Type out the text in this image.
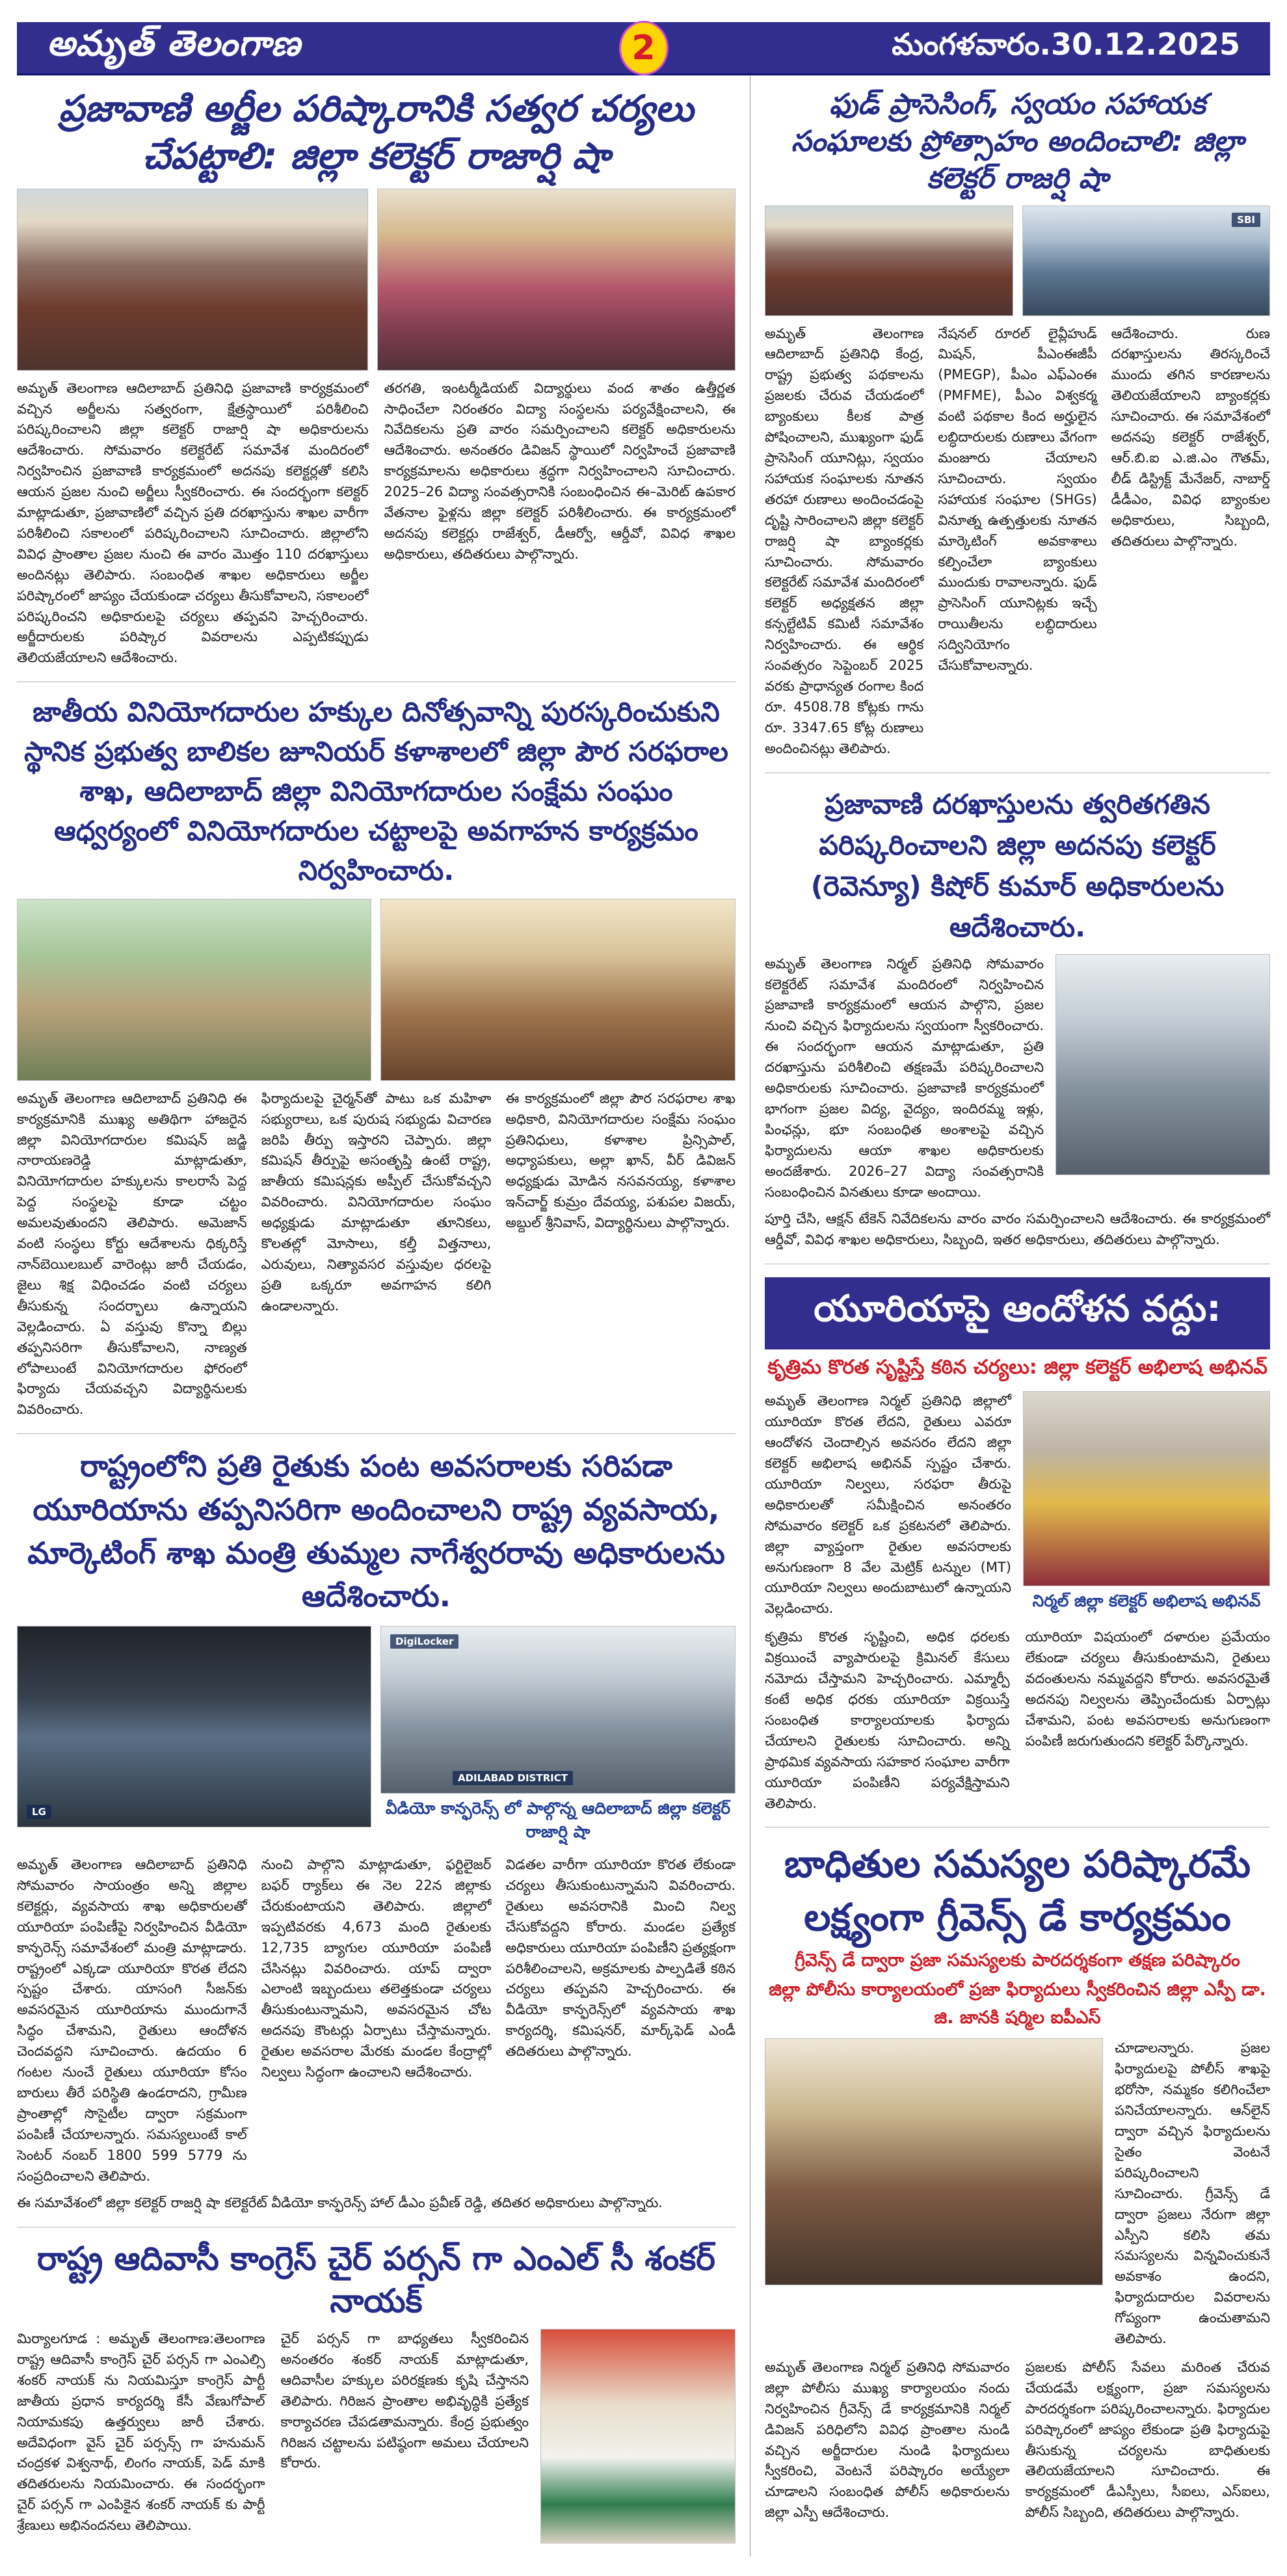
అమృత్ తెలంగాణ	2	మంగళవారం.30.12.2025
ప్రజావాణి అర్జీల పరిష్కారానికి సత్వర చర్యలు చేపట్టాలి: జిల్లా కలెక్టర్ రాజార్షి షా
అమృత్ తెలంగాణ ఆదిలాబాద్ ప్రతినిధి ప్రజావాణి కార్యక్రమంలో వచ్చిన అర్జీలను సత్వరంగా, క్షేత్రస్థాయిలో పరిశీలించి పరిష్కరించాలని జిల్లా కలెక్టర్ రాజార్షి షా అధికారులను ఆదేశించారు. సోమవారం కలెక్టరేట్ సమావేశ మందిరంలో నిర్వహించిన ప్రజావాణి కార్యక్రమంలో అదనపు కలెక్టర్లతో కలిసి ఆయన ప్రజల నుంచి అర్జీలు స్వీకరించారు. ఈ సందర్భంగా కలెక్టర్ మాట్లాడుతూ, ప్రజావాణిలో వచ్చిన ప్రతి దరఖాస్తును శాఖల వారీగా పరిశీలించి సకాలంలో పరిష్కరించాలని సూచించారు. జిల్లాలోని వివిధ ప్రాంతాల ప్రజల నుంచి ఈ వారం మొత్తం 110 దరఖాస్తులు అందినట్లు తెలిపారు. సంబంధిత శాఖల అధికారులు అర్జీల పరిష్కారంలో జాప్యం చేయకుండా చర్యలు తీసుకోవాలని, సకాలంలో పరిష్కరించని అధికారులపై చర్యలు తప్పవని హెచ్చరించారు. అర్జీదారులకు పరిష్కార వివరాలను ఎప్పటికప్పుడు తెలియజేయాలని ఆదేశించారు.
తరగతి, ఇంటర్మీడియట్ విద్యార్థులు వంద శాతం ఉత్తీర్ణత సాధించేలా నిరంతరం విద్యా సంస్థలను పర్యవేక్షించాలని, ఈ నివేదికలను ప్రతి వారం సమర్పించాలని కలెక్టర్ అధికారులను ఆదేశించారు. అనంతరం డివిజన్ స్థాయిలో నిర్వహించే ప్రజావాణి కార్యక్రమాలను అధికారులు శ్రద్ధగా నిర్వహించాలని సూచించారు. 2025–26 విద్యా సంవత్సరానికి సంబంధించిన ఈ–మెరిట్ ఉపకార వేతనాల ఫైళ్లను జిల్లా కలెక్టర్ పరిశీలించారు. ఈ కార్యక్రమంలో అదనపు కలెక్టర్లు రాజేశ్వర్, డీఆర్వో, ఆర్డీవో, వివిధ శాఖల అధికారులు, తదితరులు పాల్గొన్నారు.
జాతీయ వినియోగదారుల హక్కుల దినోత్సవాన్ని పురస్కరించుకుని స్థానిక ప్రభుత్వ బాలికల జూనియర్ కళాశాలలో జిల్లా పౌర సరఫరాల శాఖ, ఆదిలాబాద్ జిల్లా వినియోగదారుల సంక్షేమ సంఘం ఆధ్వర్యంలో వినియోగదారుల చట్టాలపై అవగాహన కార్యక్రమం నిర్వహించారు.
అమృత్ తెలంగాణ ఆదిలాబాద్ ప్రతినిధి ఈ కార్యక్రమానికి ముఖ్య అతిథిగా హాజరైన జిల్లా వినియోగదారుల కమిషన్ జడ్జి నారాయణరెడ్డి మాట్లాడుతూ, వినియోగదారుల హక్కులను కాలరాసే పెద్ద పెద్ద సంస్థలపై కూడా చట్టం అమలవుతుందని తెలిపారు. అమెజాన్ వంటి సంస్థలు కోర్టు ఆదేశాలను ధిక్కరిస్తే నాన్‌బెయిలబుల్ వారెంట్లు జారీ చేయడం, జైలు శిక్ష విధించడం వంటి చర్యలు తీసుకున్న సందర్భాలు ఉన్నాయని వెల్లడించారు. ఏ వస్తువు కొన్నా బిల్లు తప్పనిసరిగా తీసుకోవాలని, నాణ్యత లోపాలుంటే వినియోగదారుల ఫోరంలో ఫిర్యాదు చేయవచ్చని విద్యార్థినులకు వివరించారు.
ఫిర్యాదులపై చైర్మన్‌తో పాటు ఒక మహిళా సభ్యురాలు, ఒక పురుష సభ్యుడు విచారణ జరిపి తీర్పు ఇస్తారని చెప్పారు. జిల్లా కమిషన్ తీర్పుపై అసంతృప్తి ఉంటే రాష్ట్ర, జాతీయ కమిషన్లకు అప్పీల్ చేసుకోవచ్చని వివరించారు. వినియోగదారుల సంఘం అధ్యక్షుడు మాట్లాడుతూ తూనికలు, కొలతల్లో మోసాలు, కల్తీ విత్తనాలు, ఎరువులు, నిత్యావసర వస్తువుల ధరలపై ప్రతి ఒక్కరూ అవగాహన కలిగి ఉండాలన్నారు.
ఈ కార్యక్రమంలో జిల్లా పౌర సరఫరాల శాఖ అధికారి, వినియోగదారుల సంక్షేమ సంఘం ప్రతినిధులు, కళాశాల ప్రిన్సిపాల్, అధ్యాపకులు, అల్లా ఖాన్, వీర్ డివిజన్ అధ్యక్షుడు మోడిన నసవనయ్య, కళాశాల ఇన్‌చార్జ్ కుమ్రం దేవయ్య, పశుపల విజయ్, అబ్దుల్ శ్రీనివాస్, విద్యార్థినులు పాల్గొన్నారు.
రాష్ట్రంలోని ప్రతి రైతుకు పంట అవసరాలకు సరిపడా యూరియాను తప్పనిసరిగా అందించాలని రాష్ట్ర వ్యవసాయ, మార్కెటింగ్ శాఖ మంత్రి తుమ్మల నాగేశ్వరరావు అధికారులను ఆదేశించారు.
LG
DigiLocker
ADILABAD DISTRICT
వీడియో కాన్ఫరెన్స్ లో పాల్గొన్న ఆదిలాబాద్ జిల్లా కలెక్టర్ రాజార్షి షా
అమృత్ తెలంగాణ ఆదిలాబాద్ ప్రతినిధి సోమవారం సాయంత్రం అన్ని జిల్లాల కలెక్టర్లు, వ్యవసాయ శాఖ అధికారులతో యూరియా పంపిణీపై నిర్వహించిన వీడియో కాన్ఫరెన్స్ సమావేశంలో మంత్రి మాట్లాడారు. రాష్ట్రంలో ఎక్కడా యూరియా కొరత లేదని స్పష్టం చేశారు. యాసంగి సీజన్‌కు అవసరమైన యూరియాను ముందుగానే సిద్ధం చేశామని, రైతులు ఆందోళన చెందవద్దని సూచించారు. ఉదయం 6 గంటల నుంచే రైతులు యూరియా కోసం బారులు తీరే పరిస్థితి ఉండరాదని, గ్రామీణ ప్రాంతాల్లో సొసైటీల ద్వారా సక్రమంగా పంపిణీ చేయాలన్నారు. సమస్యలుంటే కాల్ సెంటర్ నంబర్ 1800 599 5779 ను సంప్రదించాలని తెలిపారు.
నుంచి పాల్గొని మాట్లాడుతూ, ఫర్టిలైజర్ బఫర్ ర్యాక్‌లు ఈ నెల 22న జిల్లాకు చేరుకుంటాయని తెలిపారు. జిల్లాలో ఇప్పటివరకు 4,673 మంది రైతులకు 12,735 బ్యాగుల యూరియా పంపిణీ చేసినట్లు వివరించారు. యాప్ ద్వారా ఎలాంటి ఇబ్బందులు తలెత్తకుండా చర్యలు తీసుకుంటున్నామని, అవసరమైన చోట అదనపు కౌంటర్లు ఏర్పాటు చేస్తామన్నారు. రైతుల అవసరాల మేరకు మండల కేంద్రాల్లో నిల్వలు సిద్ధంగా ఉంచాలని ఆదేశించారు.
విడతల వారీగా యూరియా కొరత లేకుండా చర్యలు తీసుకుంటున్నామని వివరించారు. రైతులు అవసరానికి మించి నిల్వ చేసుకోవద్దని కోరారు. మండల ప్రత్యేక అధికారులు యూరియా పంపిణీని ప్రత్యక్షంగా పరిశీలించాలని, అక్రమాలకు పాల్పడితే కఠిన చర్యలు తప్పవని హెచ్చరించారు. ఈ వీడియో కాన్ఫరెన్స్‌లో వ్యవసాయ శాఖ కార్యదర్శి, కమిషనర్, మార్క్‌ఫెడ్ ఎండీ తదితరులు పాల్గొన్నారు.
ఈ సమావేశంలో జిల్లా కలెక్టర్ రాజర్షి షా కలెక్టరేట్ వీడియో కాన్ఫరెన్స్ హాల్ డీఎం ప్రవీణ్ రెడ్డి, తదితర అధికారులు పాల్గొన్నారు.
రాష్ట్ర ఆదివాసీ కాంగ్రెస్ చైర్ పర్సన్ గా ఎంఎల్ సీ శంకర్ నాయక్
మిర్యాలగూడ : అమృత్ తెలంగాణ:తెలంగాణ రాష్ట్ర ఆదివాసీ కాంగ్రెస్ చైర్ పర్సన్ గా ఎంఎల్సి శంకర్ నాయక్ ను నియమిస్తూ కాంగ్రెస్ పార్టీ జాతీయ ప్రధాన కార్యదర్శి కేసీ వేణుగోపాల్ నియామకపు ఉత్తర్వులు జారీ చేశారు. అదేవిధంగా వైస్ చైర్ పర్సన్స్ గా హనుమన్ చంద్రకళ విశ్వనాథ్, లింగం నాయక్, పెడ్ మాకి తదితరులను నియమించారు. ఈ సందర్భంగా చైర్ పర్సన్ గా ఎంపికైన శంకర్ నాయక్ కు పార్టీ శ్రేణులు అభినందనలు తెలిపాయి.
చైర్ పర్సన్ గా బాధ్యతలు స్వీకరించిన అనంతరం శంకర్ నాయక్ మాట్లాడుతూ, ఆదివాసీల హక్కుల పరిరక్షణకు కృషి చేస్తానని తెలిపారు. గిరిజన ప్రాంతాల అభివృద్ధికి ప్రత్యేక కార్యాచరణ చేపడతామన్నారు. కేంద్ర ప్రభుత్వం గిరిజన చట్టాలను పటిష్ఠంగా అమలు చేయాలని కోరారు.
ఫుడ్ ప్రాసెసింగ్, స్వయం సహాయక సంఘాలకు ప్రోత్సాహం అందించాలి: జిల్లా కలెక్టర్ రాజర్షి షా
SBI
అమృత్ తెలంగాణ ఆదిలాబాద్ ప్రతినిధి కేంద్ర, రాష్ట్ర ప్రభుత్వ పథకాలను ప్రజలకు చేరువ చేయడంలో బ్యాంకులు కీలక పాత్ర పోషించాలని, ముఖ్యంగా ఫుడ్ ప్రాసెసింగ్ యూనిట్లు, స్వయం సహాయక సంఘాలకు నూతన తరహా రుణాలు అందించడంపై దృష్టి సారించాలని జిల్లా కలెక్టర్ రాజర్షి షా బ్యాంకర్లకు సూచించారు. సోమవారం కలెక్టరేట్ సమావేశ మందిరంలో కలెక్టర్ అధ్యక్షతన జిల్లా కన్సల్టేటివ్ కమిటీ సమావేశం నిర్వహించారు. ఈ ఆర్థిక సంవత్సరం సెప్టెంబర్ 2025 వరకు ప్రాధాన్యత రంగాల కింద రూ. 4508.78 కోట్లకు గాను రూ. 3347.65 కోట్ల రుణాలు అందించినట్లు తెలిపారు.
నేషనల్ రూరల్ లైవ్లీహుడ్ మిషన్, పీఎంఈజీపీ (PMEGP), పీఎం ఎఫ్ఎంఈ (PMFME), పీఎం విశ్వకర్మ వంటి పథకాల కింద అర్హులైన లబ్ధిదారులకు రుణాలు వేగంగా మంజూరు చేయాలని సూచించారు. స్వయం సహాయక సంఘాల (SHGs) వినూత్న ఉత్పత్తులకు నూతన మార్కెటింగ్ అవకాశాలు కల్పించేలా బ్యాంకులు ముందుకు రావాలన్నారు. ఫుడ్ ప్రాసెసింగ్ యూనిట్లకు ఇచ్చే రాయితీలను లబ్ధిదారులు సద్వినియోగం చేసుకోవాలన్నారు.
ఆదేశించారు. రుణ దరఖాస్తులను తిరస్కరించే ముందు తగిన కారణాలను తెలియజేయాలని బ్యాంకర్లకు సూచించారు. ఈ సమావేశంలో అదనపు కలెక్టర్ రాజేశ్వర్, ఆర్.బి.ఐ ఎ.జి.ఎం గౌతమ్, లీడ్ డిస్ట్రిక్ట్ మేనేజర్, నాబార్డ్ డీడీఎం, వివిధ బ్యాంకుల అధికారులు, సిబ్బంది, తదితరులు పాల్గొన్నారు.
ప్రజావాణి దరఖాస్తులను త్వరితగతిన పరిష్కరించాలని జిల్లా అదనపు కలెక్టర్ (రెవెన్యూ) కిషోర్ కుమార్ అధికారులను ఆదేశించారు.
అమృత్ తెలంగాణ నిర్మల్ ప్రతినిధి సోమవారం కలెక్టరేట్ సమావేశ మందిరంలో నిర్వహించిన ప్రజావాణి కార్యక్రమంలో ఆయన పాల్గొని, ప్రజల నుంచి వచ్చిన ఫిర్యాదులను స్వయంగా స్వీకరించారు. ఈ సందర్భంగా ఆయన మాట్లాడుతూ, ప్రతి దరఖాస్తును పరిశీలించి తక్షణమే పరిష్కరించాలని అధికారులకు సూచించారు. ప్రజావాణి కార్యక్రమంలో భాగంగా ప్రజల విద్య, వైద్యం, ఇందిరమ్మ ఇళ్లు, పింఛన్లు, భూ సంబంధిత అంశాలపై వచ్చిన ఫిర్యాదులను ఆయా శాఖల అధికారులకు అందజేశారు. 2026–27 విద్యా సంవత్సరానికి సంబంధించిన వినతులు కూడా అందాయి.
పూర్తి చేసి, ఆక్షన్ టేకెన్ నివేదికలను వారం వారం సమర్పించాలని ఆదేశించారు. ఈ కార్యక్రమంలో ఆర్డీవో, వివిధ శాఖల అధికారులు, సిబ్బంది, ఇతర అధికారులు, తదితరులు పాల్గొన్నారు.
యూరియాపై ఆందోళన వద్దు:
కృత్రిమ కొరత సృష్టిస్తే కఠిన చర్యలు: జిల్లా కలెక్టర్ అభిలాష అభినవ్
అమృత్ తెలంగాణ నిర్మల్ ప్రతినిధి జిల్లాలో యూరియా కొరత లేదని, రైతులు ఎవరూ ఆందోళన చెందాల్సిన అవసరం లేదని జిల్లా కలెక్టర్ అభిలాష అభినవ్ స్పష్టం చేశారు. యూరియా నిల్వలు, సరఫరా తీరుపై అధికారులతో సమీక్షించిన అనంతరం సోమవారం కలెక్టర్ ఒక ప్రకటనలో తెలిపారు. జిల్లా వ్యాప్తంగా రైతుల అవసరాలకు అనుగుణంగా 8 వేల మెట్రిక్ టన్నుల (MT) యూరియా నిల్వలు అందుబాటులో ఉన్నాయని వెల్లడించారు.	నిర్మల్ జిల్లా కలెక్టర్ అభిలాష అభినవ్
కృత్రిమ కొరత సృష్టించి, అధిక ధరలకు విక్రయించే వ్యాపారులపై క్రిమినల్ కేసులు నమోదు చేస్తామని హెచ్చరించారు. ఎమ్మార్పీ కంటే అధిక ధరకు యూరియా విక్రయిస్తే సంబంధిత కార్యాలయాలకు ఫిర్యాదు చేయాలని రైతులకు సూచించారు. అన్ని ప్రాథమిక వ్యవసాయ సహకార సంఘాల వారీగా యూరియా పంపిణీని పర్యవేక్షిస్తామని తెలిపారు.
యూరియా విషయంలో దళారుల ప్రమేయం లేకుండా చర్యలు తీసుకుంటామని, రైతులు వదంతులను నమ్మవద్దని కోరారు. అవసరమైతే అదనపు నిల్వలను తెప్పించేందుకు ఏర్పాట్లు చేశామని, పంట అవసరాలకు అనుగుణంగా పంపిణీ జరుగుతుందని కలెక్టర్ పేర్కొన్నారు.
బాధితుల సమస్యల పరిష్కారమే లక్ష్యంగా గ్రీవెన్స్ డే కార్యక్రమం
గ్రీవెన్స్ డే ద్వారా ప్రజా సమస్యలకు పారదర్శకంగా తక్షణ పరిష్కారం
జిల్లా పోలీసు కార్యాలయంలో ప్రజా ఫిర్యాదులు స్వీకరించిన జిల్లా ఎస్పీ డా. జి. జానకి షర్మిల ఐపీఎస్
చూడాలన్నారు. ప్రజల ఫిర్యాదులపై పోలీస్ శాఖపై భరోసా, నమ్మకం కలిగించేలా పనిచేయాలన్నారు. ఆన్‌లైన్ ద్వారా వచ్చిన ఫిర్యాదులను సైతం వెంటనే పరిష్కరించాలని సూచించారు. గ్రీవెన్స్ డే ద్వారా ప్రజలు నేరుగా జిల్లా ఎస్పీని కలిసి తమ సమస్యలను విన్నవించుకునే అవకాశం ఉందని, ఫిర్యాదుదారుల వివరాలను గోప్యంగా ఉంచుతామని తెలిపారు.
అమృత్ తెలంగాణ నిర్మల్ ప్రతినిధి సోమవారం జిల్లా పోలీసు ముఖ్య కార్యాలయం నందు నిర్వహించిన గ్రీవెన్స్ డే కార్యక్రమానికి నిర్మల్ డివిజన్ పరిధిలోని వివిధ ప్రాంతాల నుండి వచ్చిన అర్జీదారుల నుండి ఫిర్యాదులు స్వీకరించి, వెంటనే పరిష్కారం అయ్యేలా చూడాలని సంబంధిత పోలీస్ అధికారులను జిల్లా ఎస్పీ ఆదేశించారు.
ప్రజలకు పోలీస్ సేవలు మరింత చేరువ చేయడమే లక్ష్యంగా, ప్రజా సమస్యలను పారదర్శకంగా పరిష్కరించాలన్నారు. ఫిర్యాదుల పరిష్కారంలో జాప్యం లేకుండా ప్రతి ఫిర్యాదుపై తీసుకున్న చర్యలను బాధితులకు తెలియజేయాలని సూచించారు. ఈ కార్యక్రమంలో డీఎస్పీలు, సీఐలు, ఎస్ఐలు, పోలీస్ సిబ్బంది, తదితరులు పాల్గొన్నారు.
